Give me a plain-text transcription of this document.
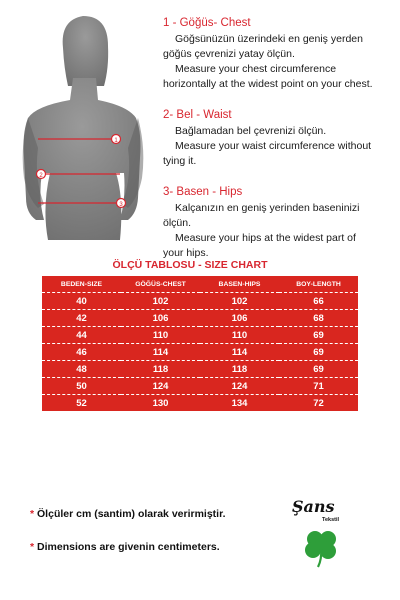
1
2
3
1 - Göğüs- Chest
Göğsünüzün üzerindeki en geniş yerden
göğüs çevrenizi yatay ölçün.
Measure your chest circumference
horizontally at the widest point on your chest.
2- Bel - Waist
Bağlamadan bel çevrenizi ölçün.
Measure your waist circumference without
tying it.
3- Basen - Hips
Kalçanızın en geniş yerinden baseninizi
ölçün.
Measure your hips at the widest part of
your hips.
ÖLÇÜ TABLOSU - SIZE CHART
BEDEN-SIZE	GÖĞÜS-CHEST	BASEN-HIPS	BOY-LENGTH
40	102	102	66
42	106	106	68
44	110	110	69
46	114	114	69
48	118	118	69
50	124	124	71
52	130	134	72
* Ölçüler cm (santim) olarak verirmiştir.
* Dimensions are givenin centimeters.
Şans
Tekstil
